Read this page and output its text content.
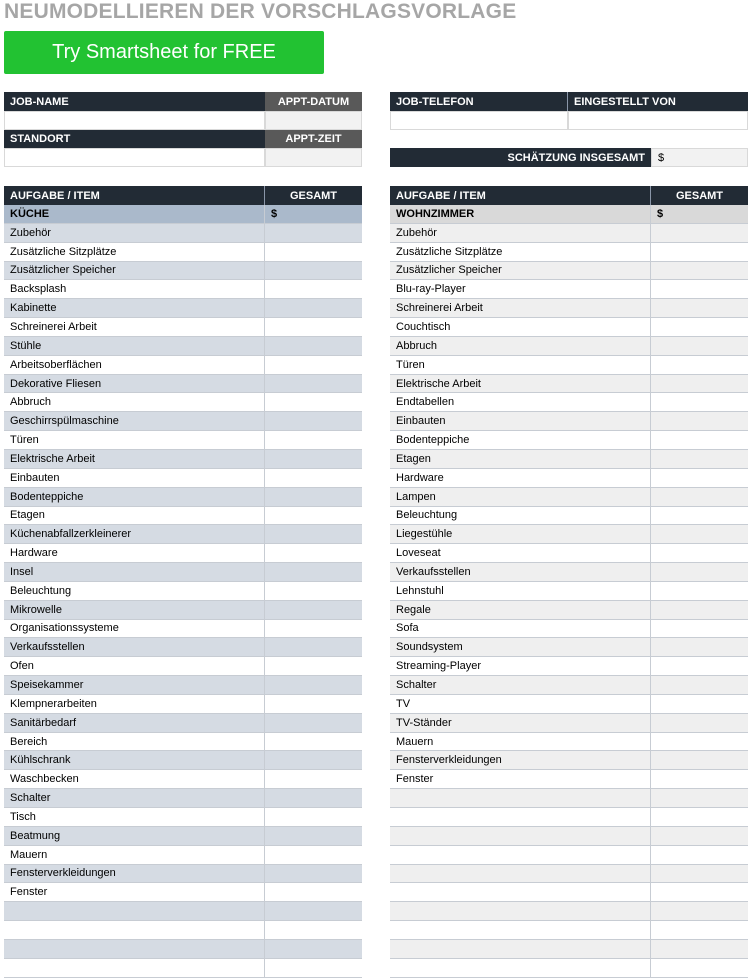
NEUMODELLIEREN DER VORSCHLAGSVORLAGE
Try Smartsheet for FREE
JOB-NAME	APPT-DATUM
STANDORT	APPT-ZEIT
JOB-TELEFON	EINGESTELLT VON
SCHÄTZUNG INSGESAMT	$
AUFGABE / ITEM	GESAMT
KÜCHE	$
Zubehör
Zusätzliche Sitzplätze
Zusätzlicher Speicher
Backsplash
Kabinette
Schreinerei Arbeit
Stühle
Arbeitsoberflächen
Dekorative Fliesen
Abbruch
Geschirrspülmaschine
Türen
Elektrische Arbeit
Einbauten
Bodenteppiche
Etagen
Küchenabfallzerkleinerer
Hardware
Insel
Beleuchtung
Mikrowelle
Organisationssysteme
Verkaufsstellen
Ofen
Speisekammer
Klempnerarbeiten
Sanitärbedarf
Bereich
Kühlschrank
Waschbecken
Schalter
Tisch
Beatmung
Mauern
Fensterverkleidungen
Fenster
AUFGABE / ITEM	GESAMT
WOHNZIMMER	$
Zubehör
Zusätzliche Sitzplätze
Zusätzlicher Speicher
Blu-ray-Player
Schreinerei Arbeit
Couchtisch
Abbruch
Türen
Elektrische Arbeit
Endtabellen
Einbauten
Bodenteppiche
Etagen
Hardware
Lampen
Beleuchtung
Liegestühle
Loveseat
Verkaufsstellen
Lehnstuhl
Regale
Sofa
Soundsystem
Streaming-Player
Schalter
TV
TV-Ständer
Mauern
Fensterverkleidungen
Fenster
